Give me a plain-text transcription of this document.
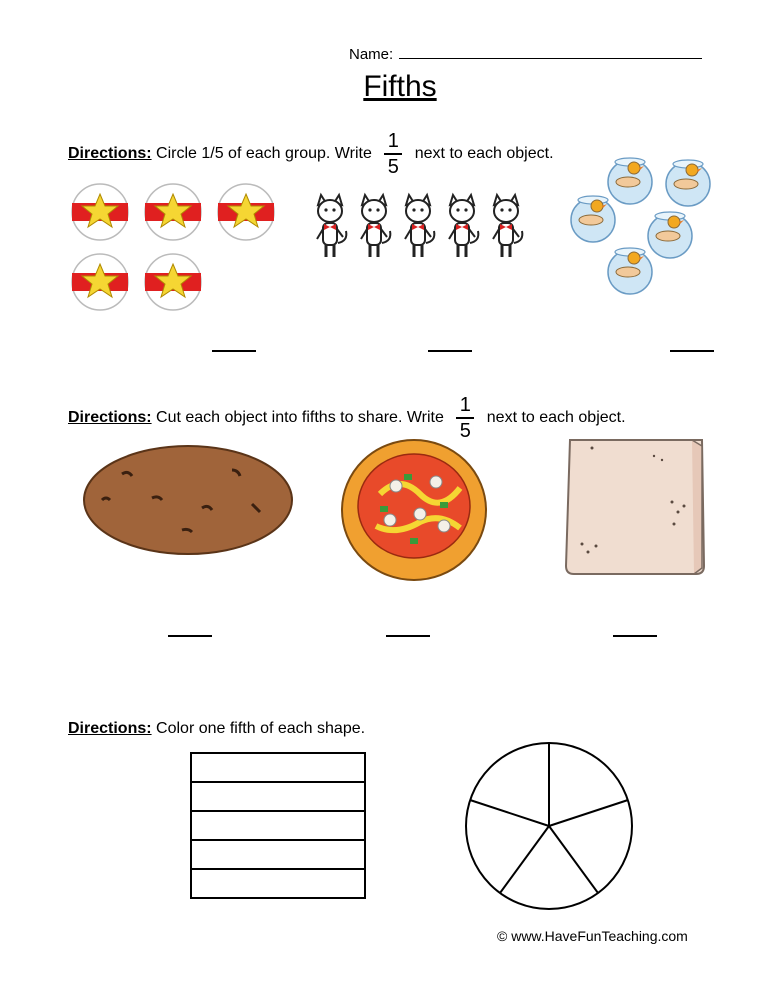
Name:
Fifths
Directions: Circle 1/5 of each group. Write $\frac{1}{5}$ next to each object.
Directions: Cut each object into fifths to share. Write $\frac{1}{5}$ next to each object.
Directions: Color one fifth of each shape.
© www.HaveFunTeaching.com
